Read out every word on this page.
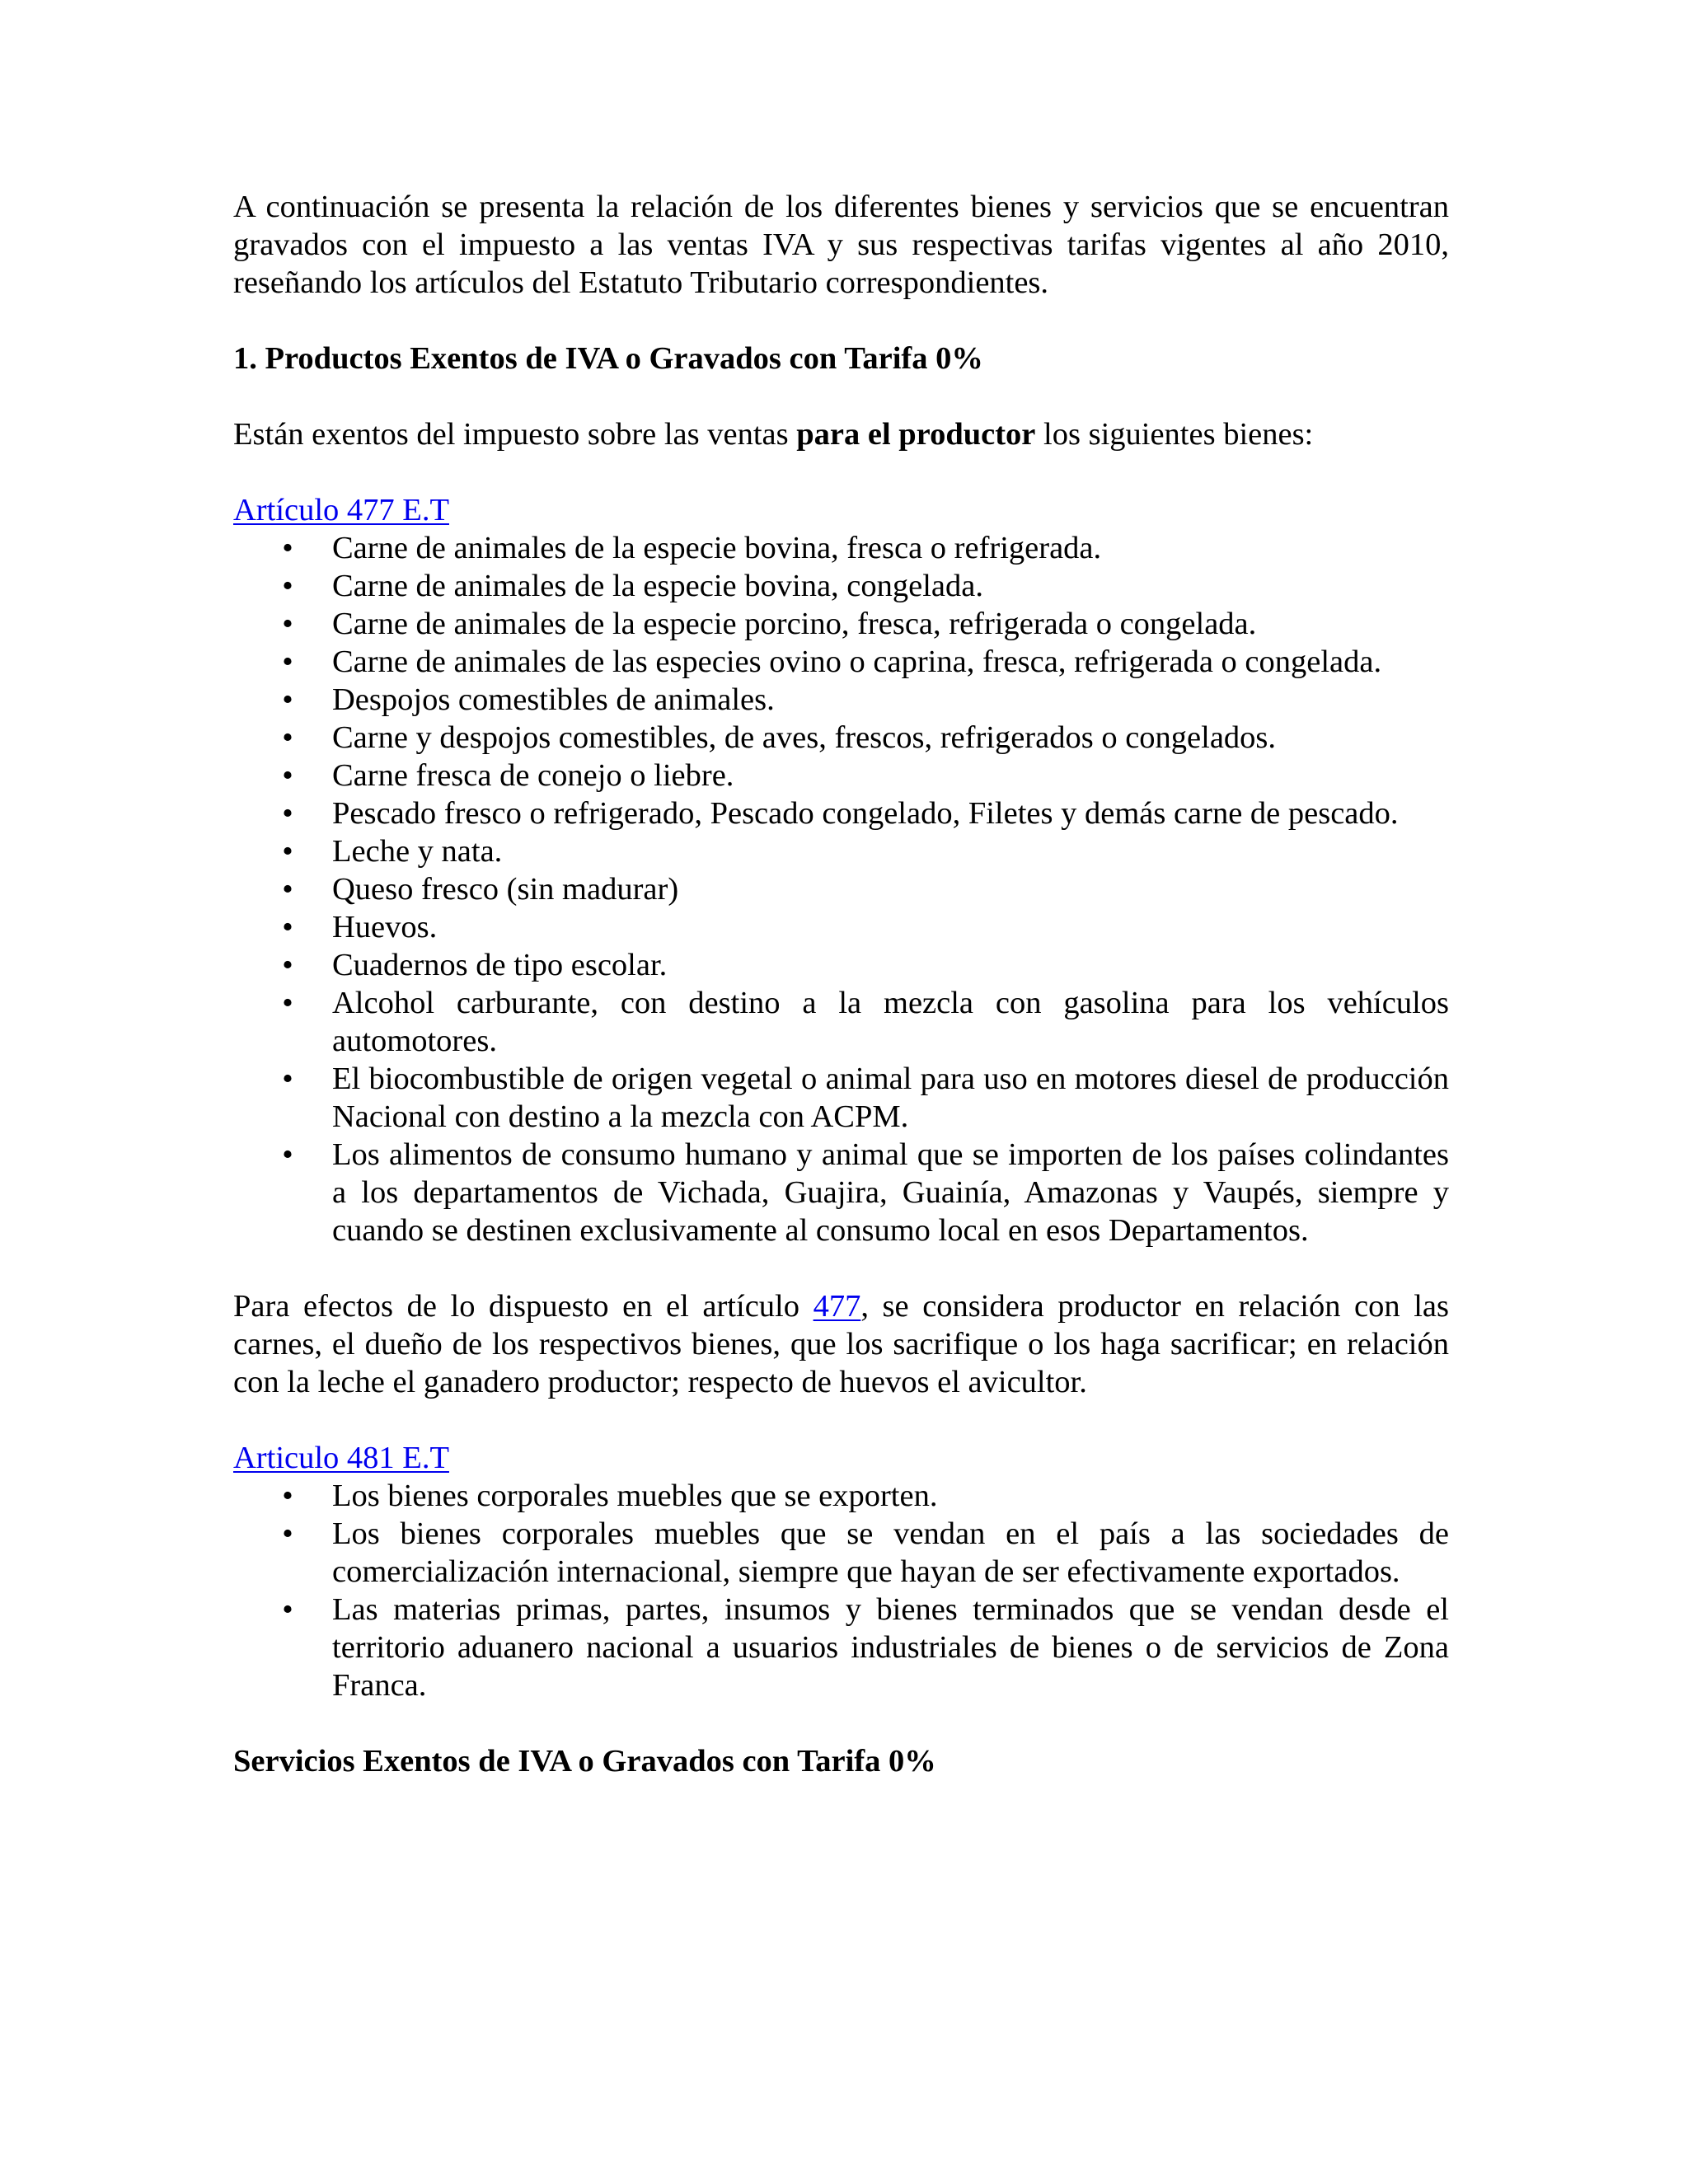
A continuación se presenta la relación de los diferentes bienes y servicios que se encuentran gravados con el impuesto a las ventas IVA y sus respectivas tarifas vigentes al año 2010, reseñando los artículos del Estatuto Tributario correspondientes.

1. Productos Exentos de IVA o Gravados con Tarifa 0%

Están exentos del impuesto sobre las ventas para el productor los siguientes bienes:

Artículo 477 E.T

• Carne de animales de la especie bovina, fresca o refrigerada.
• Carne de animales de la especie bovina, congelada.
• Carne de animales de la especie porcino, fresca, refrigerada o congelada.
• Carne de animales de las especies ovino o caprina, fresca, refrigerada o congelada.
• Despojos comestibles de animales.
• Carne y despojos comestibles, de aves, frescos, refrigerados o congelados.
• Carne fresca de conejo o liebre.
• Pescado fresco o refrigerado, Pescado congelado, Filetes y demás carne de pescado.
• Leche y nata.
• Queso fresco (sin madurar)
• Huevos.
• Cuadernos de tipo escolar.
• Alcohol carburante, con destino a la mezcla con gasolina para los vehículos automotores.
• El biocombustible de origen vegetal o animal para uso en motores diesel de producción Nacional con destino a la mezcla con ACPM.
• Los alimentos de consumo humano y animal que se importen de los países colindantes a los departamentos de Vichada, Guajira, Guainía, Amazonas y Vaupés, siempre y cuando se destinen exclusivamente al consumo local en esos Departamentos.

Para efectos de lo dispuesto en el artículo 477, se considera productor en relación con las carnes, el dueño de los respectivos bienes, que los sacrifique o los haga sacrificar; en relación con la leche el ganadero productor; respecto de huevos el avicultor.

Articulo 481 E.T

• Los bienes corporales muebles que se exporten.
• Los bienes corporales muebles que se vendan en el país a las sociedades de comercialización internacional, siempre que hayan de ser efectivamente exportados.
• Las materias primas, partes, insumos y bienes terminados que se vendan desde el territorio aduanero nacional a usuarios industriales de bienes o de servicios de Zona Franca.

Servicios Exentos de IVA o Gravados con Tarifa 0%
